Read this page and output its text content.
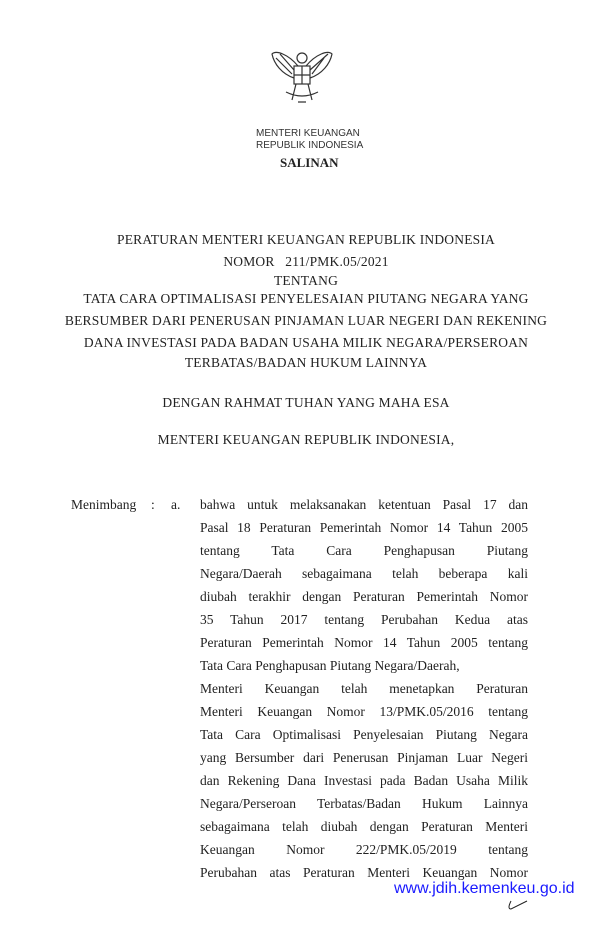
MENTERI KEUANGAN
REPUBLIK INDONESIA
SALINAN
PERATURAN MENTERI KEUANGAN REPUBLIK INDONESIA
NOMOR   211/PMK.05/2021
TENTANG
TATA CARA OPTIMALISASI PENYELESAIAN PIUTANG NEGARA YANG
BERSUMBER DARI PENERUSAN PINJAMAN LUAR NEGERI DAN REKENING
DANA INVESTASI PADA BADAN USAHA MILIK NEGARA/PERSEROAN
TERBATAS/BADAN HUKUM LAINNYA
DENGAN RAHMAT TUHAN YANG MAHA ESA
MENTERI KEUANGAN REPUBLIK INDONESIA,
Menimbang : a. bahwa untuk melaksanakan ketentuan Pasal 17 dan
Pasal 18 Peraturan Pemerintah Nomor 14 Tahun 2005
tentang Tata Cara Penghapusan Piutang
Negara/Daerah sebagaimana telah beberapa kali
diubah terakhir dengan Peraturan Pemerintah Nomor
35 Tahun 2017 tentang Perubahan Kedua atas
Peraturan Pemerintah Nomor 14 Tahun 2005 tentang
Tata Cara Penghapusan Piutang Negara/Daerah,
Menteri Keuangan telah menetapkan Peraturan
Menteri Keuangan Nomor 13/PMK.05/2016 tentang
Tata Cara Optimalisasi Penyelesaian Piutang Negara
yang Bersumber dari Penerusan Pinjaman Luar Negeri
dan Rekening Dana Investasi pada Badan Usaha Milik
Negara/Perseroan Terbatas/Badan Hukum Lainnya
sebagaimana telah diubah dengan Peraturan Menteri
Keuangan Nomor 222/PMK.05/2019 tentang
Perubahan atas Peraturan Menteri Keuangan Nomor
www.jdih.kemenkeu.go.id
